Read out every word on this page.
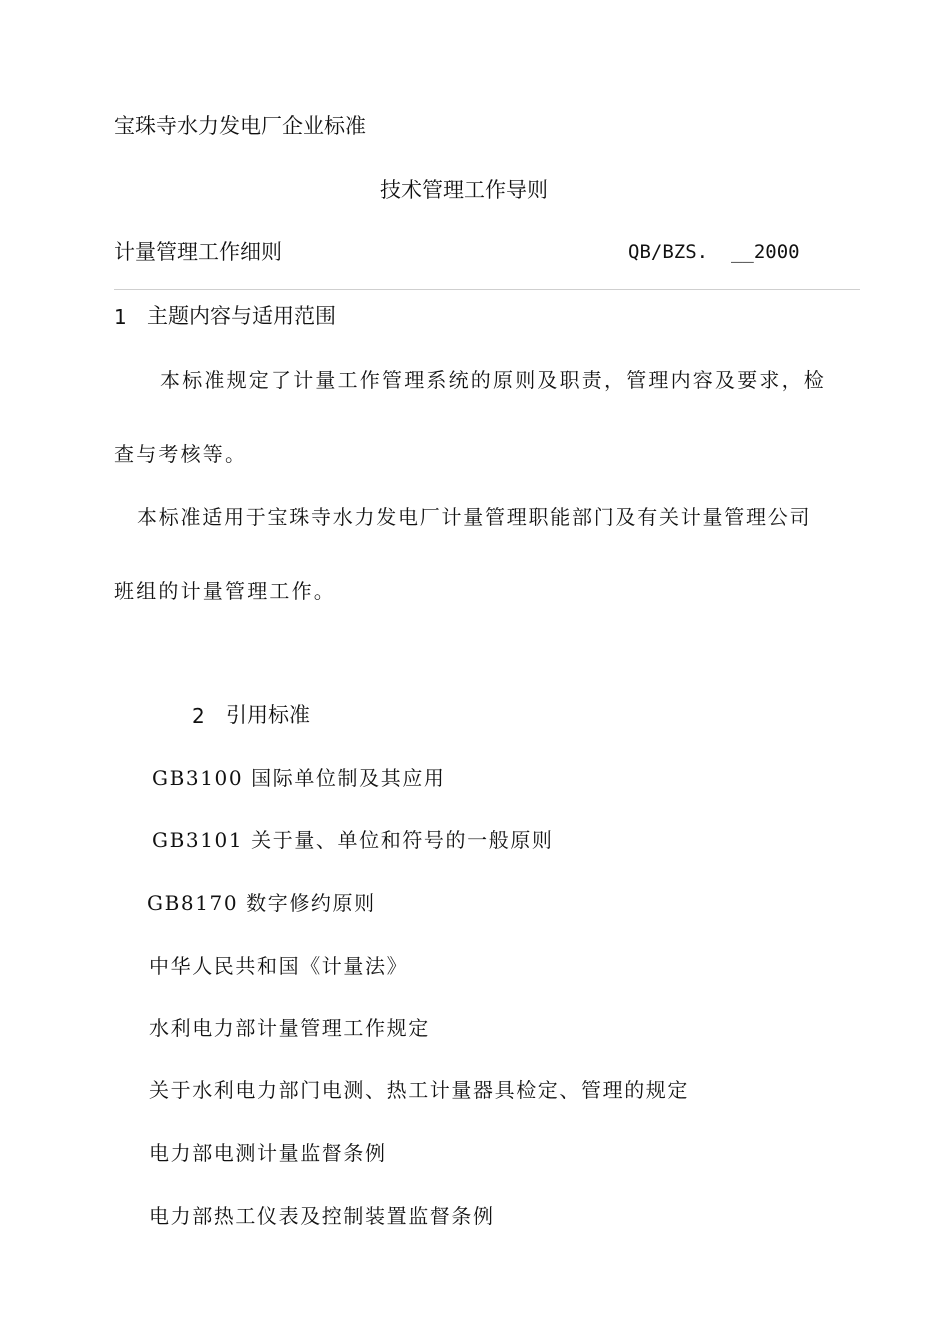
宝珠寺水力发电厂企业标准
技术管理工作导则
计量管理工作细则	QB/BZS.  __2000
1 主题内容与适用范围
本标准规定了计量工作管理系统的原则及职责，管理内容及要求，检
查与考核等。
本标准适用于宝珠寺水力发电厂计量管理职能部门及有关计量管理公司
班组的计量管理工作。
2 引用标准
GB3100 国际单位制及其应用
GB3101 关于量、单位和符号的一般原则
GB8170 数字修约原则
中华人民共和国《计量法》
水利电力部计量管理工作规定
关于水利电力部门电测、热工计量器具检定、管理的规定
电力部电测计量监督条例
电力部热工仪表及控制装置监督条例
